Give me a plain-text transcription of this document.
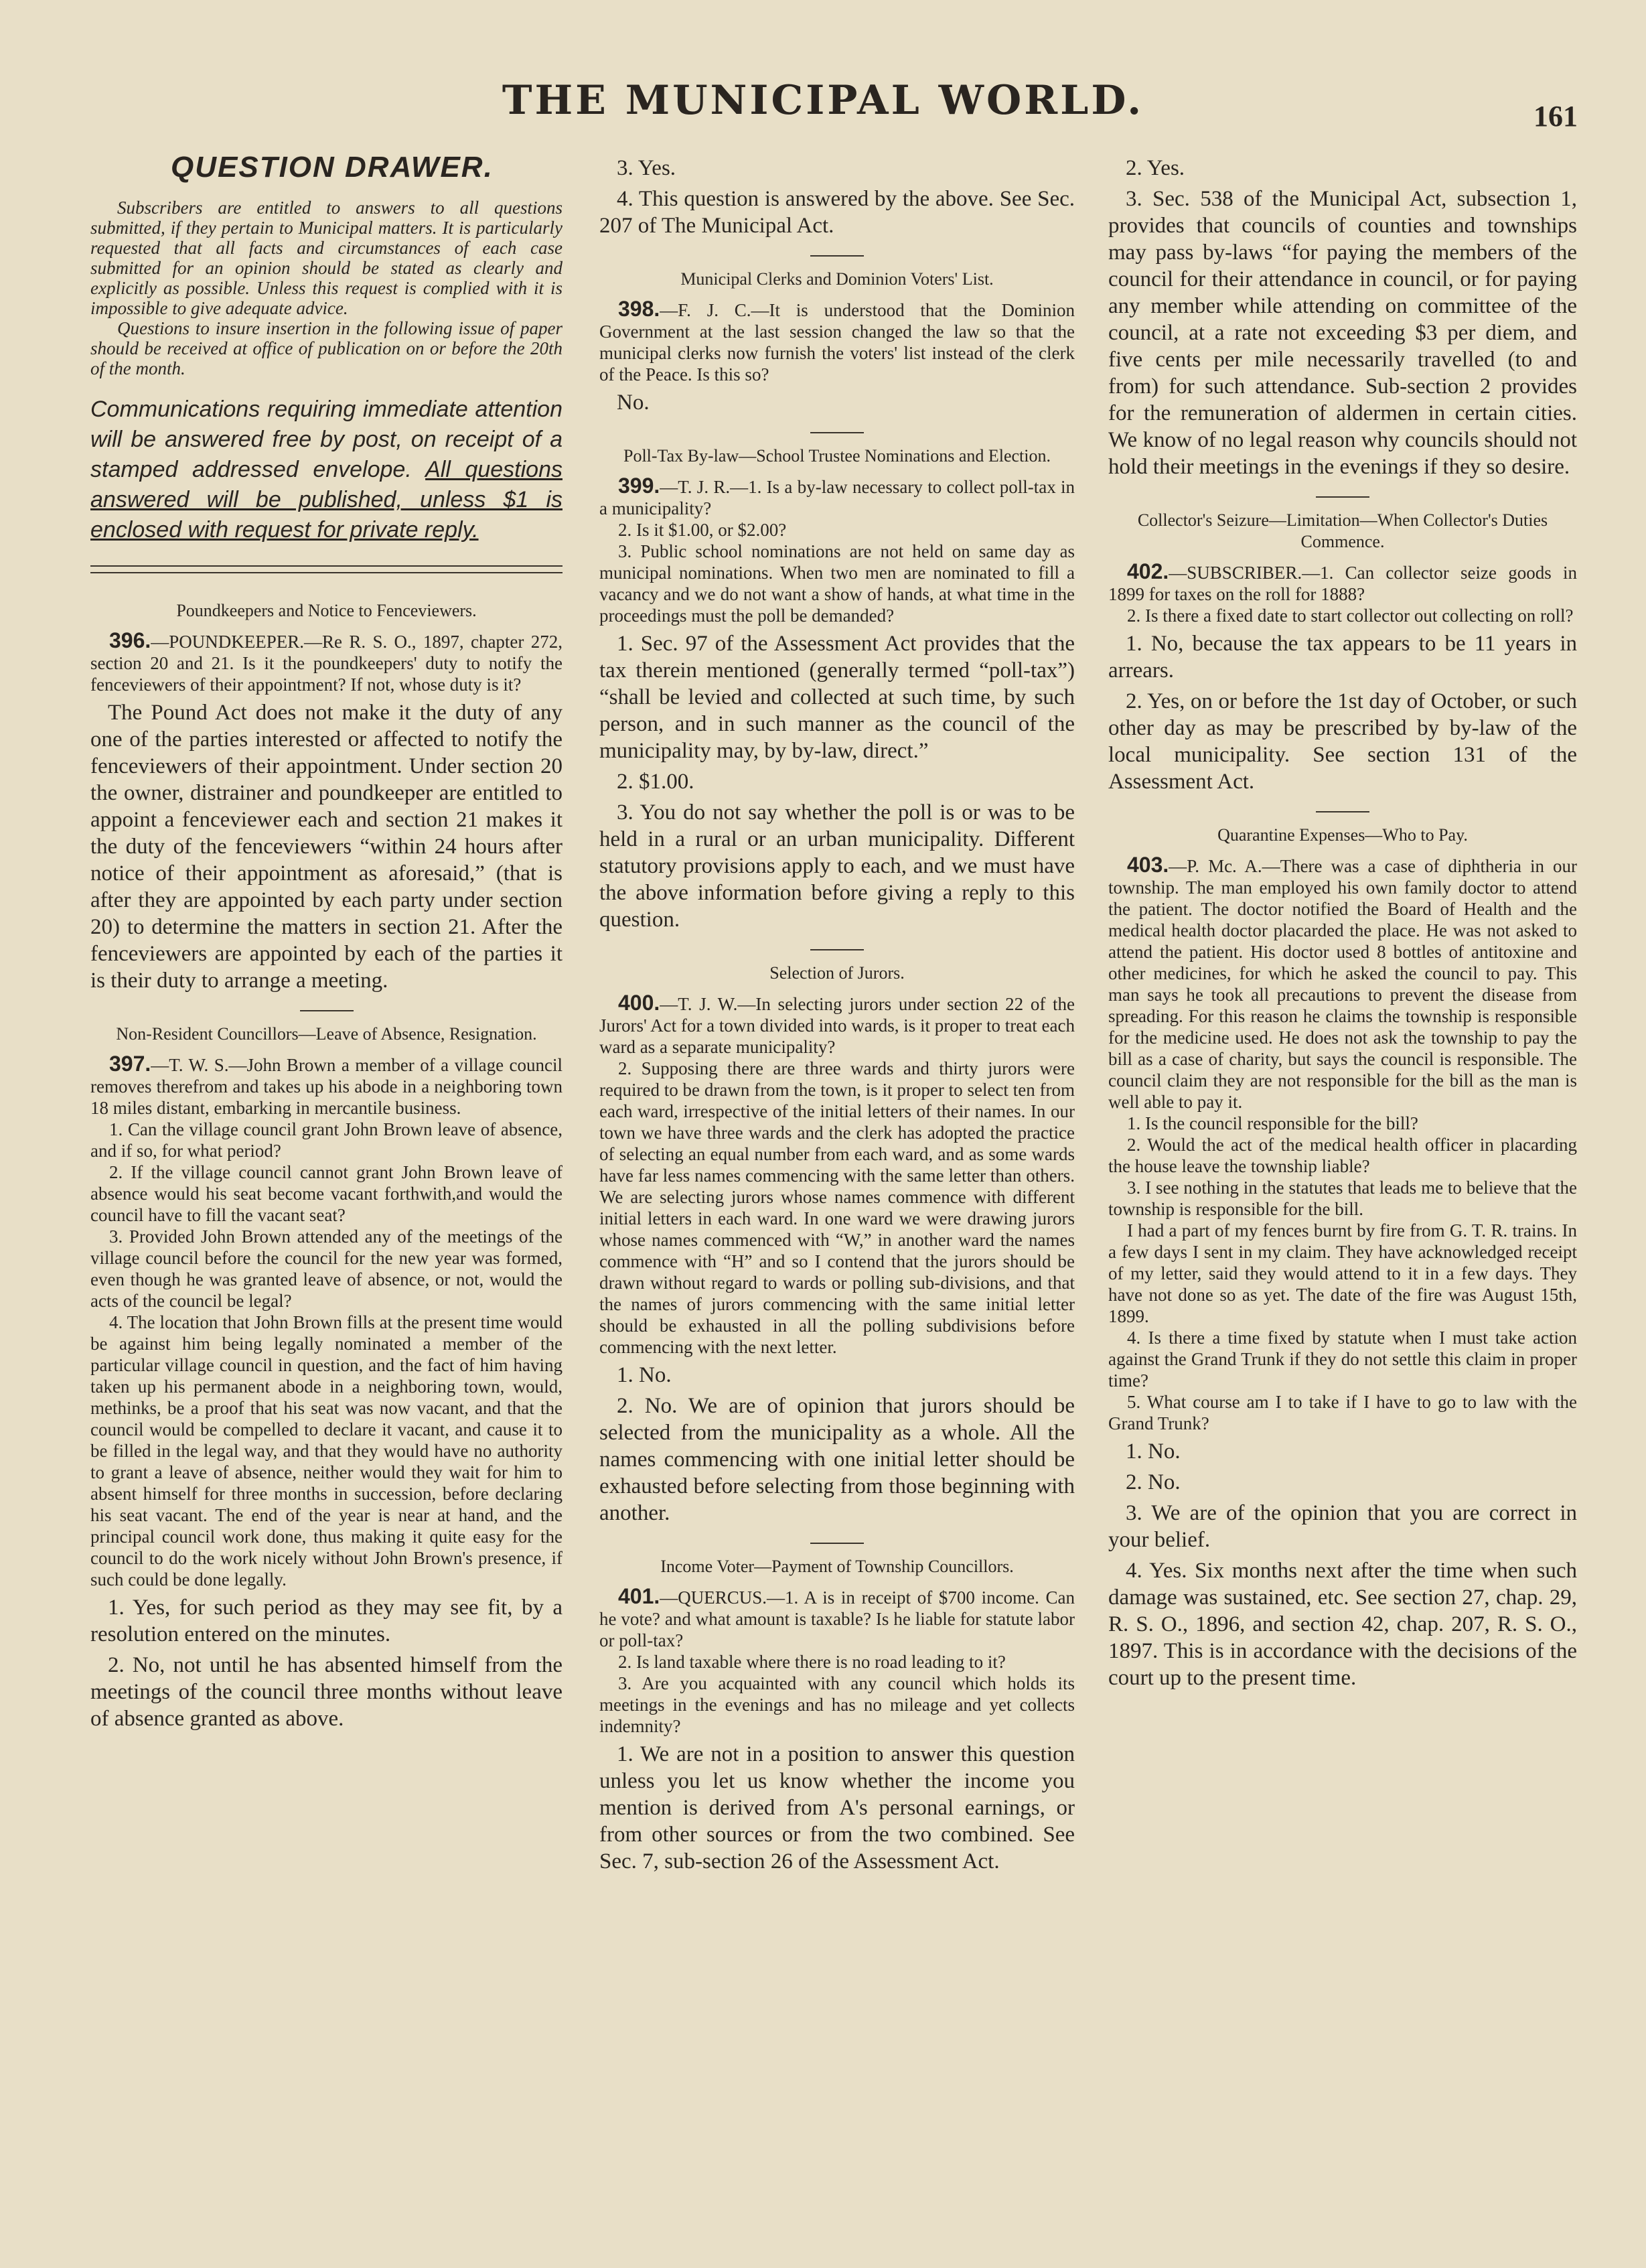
THE MUNICIPAL WORLD.	161
QUESTION DRAWER.

Subscribers are entitled to answers to all questions submitted, if they pertain to Municipal matters. It is particularly requested that all facts and circumstances of each case submitted for an opinion should be stated as clearly and explicitly as possible. Unless this request is complied with it is impossible to give adequate advice.

Questions to insure insertion in the following issue of paper should be received at office of publication on or before the 20th of the month.

Communications requiring immediate attention will be answered free by post, on receipt of a stamped addressed envelope. All questions answered will be published, unless $1 is enclosed with request for private reply.

Poundkeepers and Notice to Fenceviewers.

396.—POUNDKEEPER.—Re R. S. O., 1897, chapter 272, section 20 and 21. Is it the poundkeepers' duty to notify the fenceviewers of their appointment? If not, whose duty is it?

The Pound Act does not make it the duty of any one of the parties interested or affected to notify the fenceviewers of their appointment. Under section 20 the owner, distrainer and poundkeeper are entitled to appoint a fenceviewer each and section 21 makes it the duty of the fenceviewers “within 24 hours after notice of their appointment as aforesaid,” (that is after they are appointed by each party under section 20) to determine the matters in section 21. After the fenceviewers are appointed by each of the parties it is their duty to arrange a meeting.

Non-Resident Councillors—Leave of Absence, Resignation.

397.—T. W. S.—John Brown a member of a village council removes therefrom and takes up his abode in a neighboring town 18 miles distant, embarking in mercantile business.

1. Can the village council grant John Brown leave of absence, and if so, for what period?

2. If the village council cannot grant John Brown leave of absence would his seat become vacant forthwith,and would the council have to fill the vacant seat?

3. Provided John Brown attended any of the meetings of the village council before the council for the new year was formed, even though he was granted leave of absence, or not, would the acts of the council be legal?

4. The location that John Brown fills at the present time would be against him being legally nominated a member of the particular village council in question, and the fact of him having taken up his permanent abode in a neighboring town, would, methinks, be a proof that his seat was now vacant, and that the council would be compelled to declare it vacant, and cause it to be filled in the legal way, and that they would have no authority to grant a leave of absence, neither would they wait for him to absent himself for three months in succession, before declaring his seat vacant. The end of the year is near at hand, and the principal council work done, thus making it quite easy for the council to do the work nicely without John Brown's presence, if such could be done legally.

1. Yes, for such period as they may see fit, by a resolution entered on the minutes.

2. No, not until he has absented himself from the meetings of the council three months without leave of absence granted as above.

3. Yes.

4. This question is answered by the above. See Sec. 207 of The Municipal Act.

Municipal Clerks and Dominion Voters' List.

398.—F. J. C.—It is understood that the Dominion Government at the last session changed the law so that the municipal clerks now furnish the voters' list instead of the clerk of the Peace. Is this so?

No.

Poll-Tax By-law—School Trustee Nominations and Election.

399.—T. J. R.—1. Is a by-law necessary to collect poll-tax in a municipality?

2. Is it $1.00, or $2.00?

3. Public school nominations are not held on same day as municipal nominations. When two men are nominated to fill a vacancy and we do not want a show of hands, at what time in the proceedings must the poll be demanded?

1. Sec. 97 of the Assessment Act provides that the tax therein mentioned (generally termed “poll-tax”) “shall be levied and collected at such time, by such person, and in such manner as the council of the municipality may, by by-law, direct.”

2. $1.00.

3. You do not say whether the poll is or was to be held in a rural or an urban municipality. Different statutory provisions apply to each, and we must have the above information before giving a reply to this question.

Selection of Jurors.

400.—T. J. W.—In selecting jurors under section 22 of the Jurors' Act for a town divided into wards, is it proper to treat each ward as a separate municipality?

2. Supposing there are three wards and thirty jurors were required to be drawn from the town, is it proper to select ten from each ward, irrespective of the initial letters of their names. In our town we have three wards and the clerk has adopted the practice of selecting an equal number from each ward, and as some wards have far less names commencing with the same letter than others. We are selecting jurors whose names commence with different initial letters in each ward. In one ward we were drawing jurors whose names commenced with “W,” in another ward the names commence with “H” and so I contend that the jurors should be drawn without regard to wards or polling sub-divisions, and that the names of jurors commencing with the same initial letter should be exhausted in all the polling subdivisions before commencing with the next letter.

1. No.

2. No. We are of opinion that jurors should be selected from the municipality as a whole. All the names commencing with one initial letter should be exhausted before selecting from those beginning with another.

Income Voter—Payment of Township Councillors.

401.—QUERCUS.—1. A is in receipt of $700 income. Can he vote? and what amount is taxable? Is he liable for statute labor or poll-tax?

2. Is land taxable where there is no road leading to it?

3. Are you acquainted with any council which holds its meetings in the evenings and has no mileage and yet collects indemnity?

1. We are not in a position to answer this question unless you let us know whether the income you mention is derived from A's personal earnings, or from other sources or from the two combined. See Sec. 7, sub-section 26 of the Assessment Act.

2. Yes.

3. Sec. 538 of the Municipal Act, subsection 1, provides that councils of counties and townships may pass by-laws “for paying the members of the council for their attendance in council, or for paying any member while attending on committee of the council, at a rate not exceeding $3 per diem, and five cents per mile necessarily travelled (to and from) for such attendance. Sub-section 2 provides for the remuneration of aldermen in certain cities. We know of no legal reason why councils should not hold their meetings in the evenings if they so desire.

Collector's Seizure—Limitation—When Collector's Duties Commence.

402.—SUBSCRIBER.—1. Can collector seize goods in 1899 for taxes on the roll for 1888?

2. Is there a fixed date to start collector out collecting on roll?

1. No, because the tax appears to be 11 years in arrears.

2. Yes, on or before the 1st day of October, or such other day as may be prescribed by by-law of the local municipality. See section 131 of the Assessment Act.

Quarantine Expenses—Who to Pay.

403.—P. Mc. A.—There was a case of diphtheria in our township. The man employed his own family doctor to attend the patient. The doctor notified the Board of Health and the medical health doctor placarded the place. He was not asked to attend the patient. His doctor used 8 bottles of antitoxine and other medicines, for which he asked the council to pay. This man says he took all precautions to prevent the disease from spreading. For this reason he claims the township is responsible for the medicine used. He does not ask the township to pay the bill as a case of charity, but says the council is responsible. The council claim they are not responsible for the bill as the man is well able to pay it.

1. Is the council responsible for the bill?

2. Would the act of the medical health officer in placarding the house leave the township liable?

3. I see nothing in the statutes that leads me to believe that the township is responsible for the bill.

I had a part of my fences burnt by fire from G. T. R. trains. In a few days I sent in my claim. They have acknowledged receipt of my letter, said they would attend to it in a few days. They have not done so as yet. The date of the fire was August 15th, 1899.

4. Is there a time fixed by statute when I must take action against the Grand Trunk if they do not settle this claim in proper time?

5. What course am I to take if I have to go to law with the Grand Trunk?

1. No.

2. No.

3. We are of the opinion that you are correct in your belief.

4. Yes. Six months next after the time when such damage was sustained, etc. See section 27, chap. 29, R. S. O., 1896, and section 42, chap. 207, R. S. O., 1897. This is in accordance with the decisions of the court up to the present time.
